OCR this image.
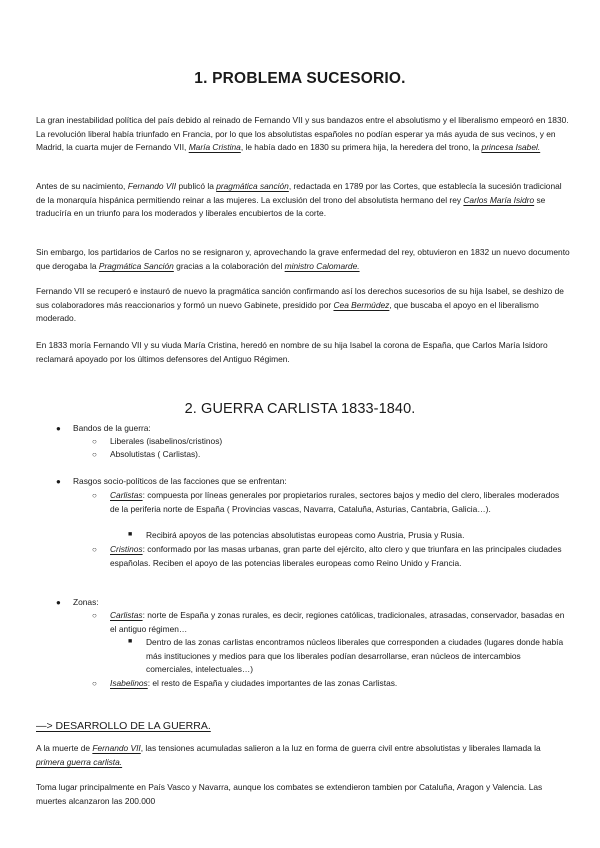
1. PROBLEMA SUCESORIO.

La gran inestabilidad política del país debido al reinado de Fernando VII y sus bandazos entre el absolutismo y el liberalismo empeoró en 1830. La revolución liberal había triunfado en Francia, por lo que los absolutistas españoles no podían esperar ya más ayuda de sus vecinos, y en Madrid, la cuarta mujer de Fernando VII, María Cristina, le había dado en 1830 su primera hija, la heredera del trono, la princesa Isabel.

Antes de su nacimiento, Fernando VII publicó la pragmática sanción, redactada en 1789 por las Cortes, que establecía la sucesión tradicional de la monarquía hispánica permitiendo reinar a las mujeres. La exclusión del trono del absolutista hermano del rey Carlos María Isidro se traducíría en un triunfo para los moderados y liberales encubiertos de la corte.

Sin embargo, los partidarios de Carlos no se resignaron y, aprovechando la grave enfermedad del rey, obtuvieron en 1832 un nuevo documento que derogaba la Pragmática Sanción gracias a la colaboración del ministro Calomarde.

Fernando VII se recuperó e instauró de nuevo la pragmática sanción confirmando así los derechos sucesorios de su hija Isabel, se deshizo de sus colaboradores más reaccionarios y formó un nuevo Gabinete, presidido por Cea Bermúdez, que buscaba el apoyo en el liberalismo moderado.

En 1833 moría Fernando VII y su viuda María Cristina, heredó en nombre de su hija Isabel la corona de España, que Carlos María Isidoro reclamará apoyado por los últimos defensores del Antiguo Régimen.

2. GUERRA CARLISTA 1833-1840.
● Bandos de la guerra:
○ Liberales (isabelinos/cristinos)
○ Absolutistas ( Carlistas).
● Rasgos socio-políticos de las facciones que se enfrentan:
○ Carlistas: compuesta por líneas generales por propietarios rurales, sectores bajos y medio del clero, liberales moderados de la periferia norte de España ( Provincias vascas, Navarra, Cataluña, Asturias, Cantabria, Galicia…).
■ Recibirá apoyos de las potencias absolutistas europeas como Austria, Prusia y Rusia.
○ Cristinos: conformado por las masas urbanas, gran parte del ejército, alto clero y que triunfara en las principales ciudades españolas. Reciben el apoyo de las potencias liberales europeas como Reino Unido y Francia.
● Zonas:
○ Carlistas: norte de España y zonas rurales, es decir, regiones católicas, tradicionales, atrasadas, conservador, basadas en el antiguo régimen…
■ Dentro de las zonas carlistas encontramos núcleos liberales que corresponden a ciudades (lugares donde había más instituciones y medios para que los liberales podían desarrollarse, eran núcleos de intercambios comerciales, intelectuales…)
○ Isabelinos: el resto de España y ciudades importantes de las zonas Carlistas.
—> DESARROLLO DE LA GUERRA.

A la muerte de Fernando VII, las tensiones acumuladas salieron a la luz en forma de guerra civil entre absolutistas y liberales llamada la primera guerra carlista.

Toma lugar principalmente en País Vasco y Navarra, aunque los combates se extendieron tambien por Cataluña, Aragon y Valencia. Las muertes alcanzaron las 200.000
